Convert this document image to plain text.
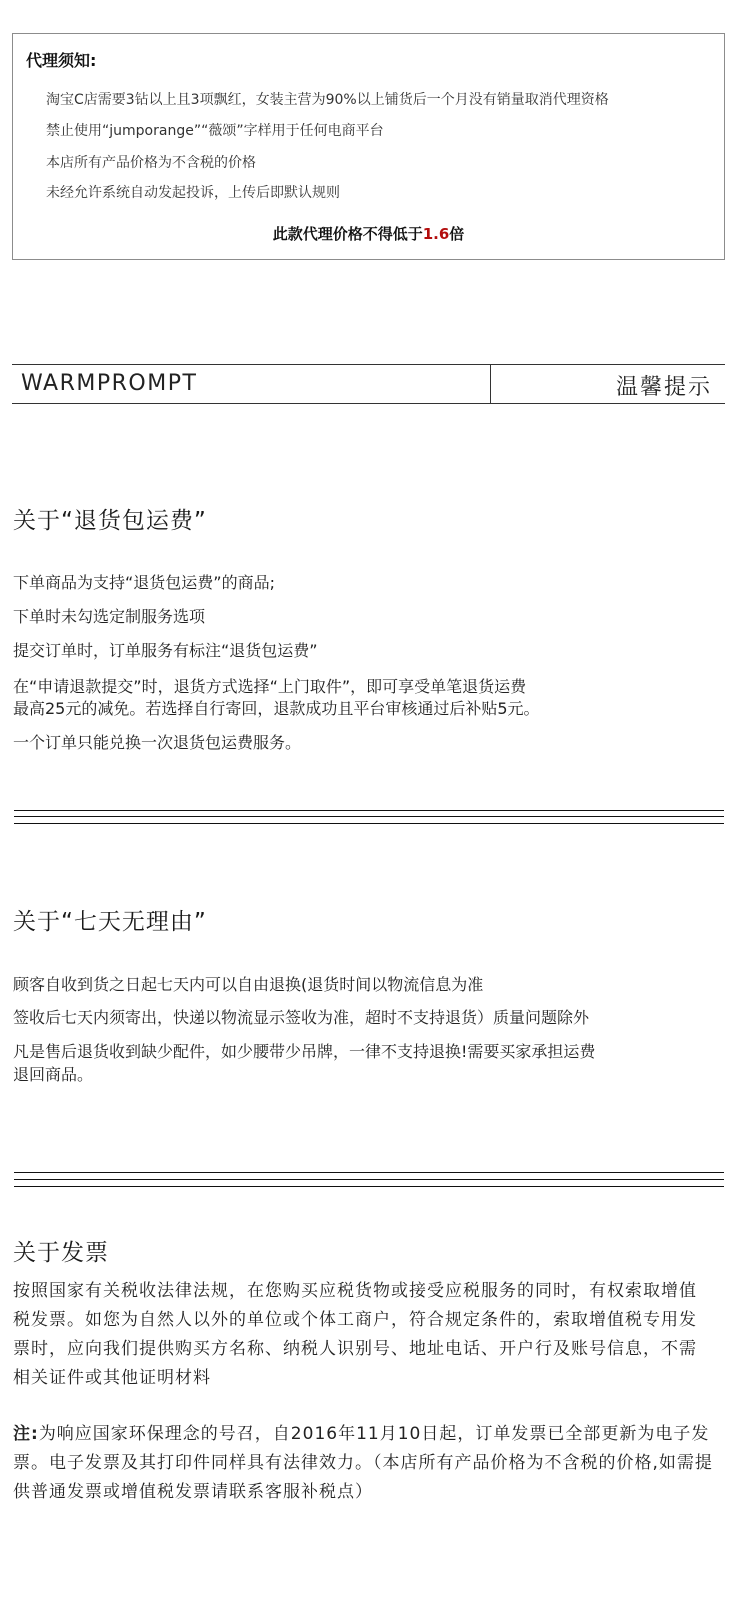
代理须知:
淘宝C店需要3钻以上且3项飘红，女装主营为90%以上铺货后一个月没有销量取消代理资格
禁止使用“jumporange”“薇颂”字样用于任何电商平台
本店所有产品价格为不含税的价格
未经允许系统自动发起投诉，上传后即默认规则
此款代理价格不得低于1.6倍
WARMPROMPT	温馨提示
关于“退货包运费”
下单商品为支持“退货包运费”的商品;
下单时未勾选定制服务选项
提交订单时，订单服务有标注“退货包运费”
在“申请退款提交”时，退货方式选择“上门取件”，即可享受单笔退货运费
最高25元的减免。若选择自行寄回，退款成功且平台审核通过后补贴5元。
一个订单只能兑换一次退货包运费服务。
关于“七天无理由”
顾客自收到货之日起七天内可以自由退换(退货时间以物流信息为准
签收后七天内须寄出，快递以物流显示签收为准，超时不支持退货）质量问题除外
凡是售后退货收到缺少配件，如少腰带少吊牌，一律不支持退换!需要买家承担运费
退回商品。
关于发票
按照国家有关税收法律法规，在您购买应税货物或接受应税服务的同时，有权索取增值税发票。如您为自然人以外的单位或个体工商户，符合规定条件的，索取增值税专用发票时，应向我们提供购买方名称、纳税人识别号、地址电话、开户行及账号信息，不需相关证件或其他证明材料
注:为响应国家环保理念的号召，自2016年11月10日起，订单发票已全部更新为电子发票。电子发票及其打印件同样具有法律效力。（本店所有产品价格为不含税的价格,如需提供普通发票或增值税发票请联系客服补税点）
